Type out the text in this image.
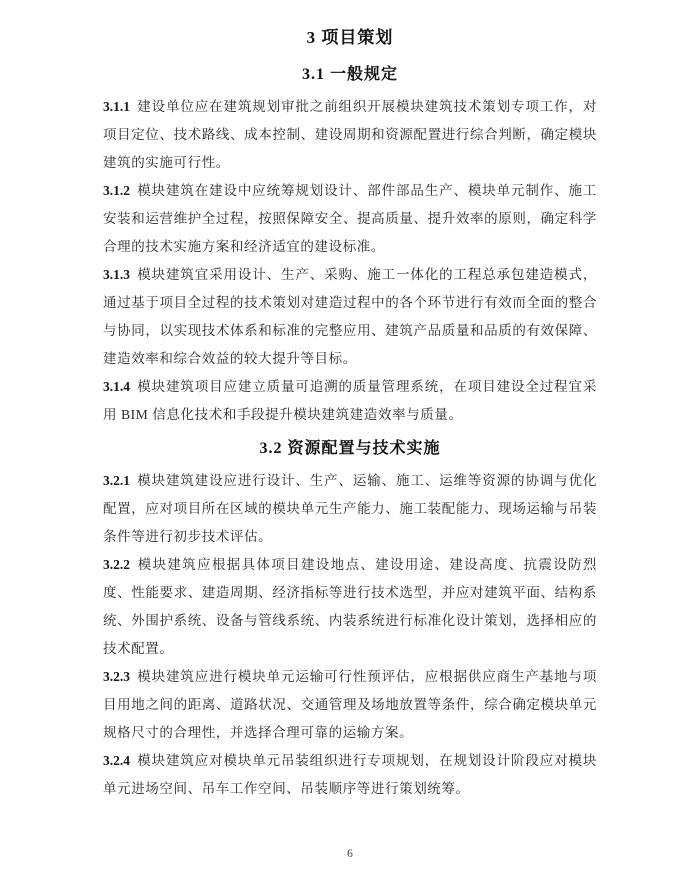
3 项目策划
3.1 一般规定

3.1.1 建设单位应在建筑规划审批之前组织开展模块建筑技术策划专项工作，对项目定位、技术路线、成本控制、建设周期和资源配置进行综合判断，确定模块建筑的实施可行性。

3.1.2 模块建筑在建设中应统筹规划设计、部件部品生产、模块单元制作、施工安装和运营维护全过程，按照保障安全、提高质量、提升效率的原则，确定科学合理的技术实施方案和经济适宜的建设标准。

3.1.3 模块建筑宜采用设计、生产、采购、施工一体化的工程总承包建造模式，通过基于项目全过程的技术策划对建造过程中的各个环节进行有效而全面的整合与协同，以实现技术体系和标准的完整应用、建筑产品质量和品质的有效保障、建造效率和综合效益的较大提升等目标。

3.1.4 模块建筑项目应建立质量可追溯的质量管理系统，在项目建设全过程宜采用 BIM 信息化技术和手段提升模块建筑建造效率与质量。

3.2 资源配置与技术实施

3.2.1 模块建筑建设应进行设计、生产、运输、施工、运维等资源的协调与优化配置，应对项目所在区域的模块单元生产能力、施工装配能力、现场运输与吊装条件等进行初步技术评估。

3.2.2 模块建筑应根据具体项目建设地点、建设用途、建设高度、抗震设防烈度、性能要求、建造周期、经济指标等进行技术选型，并应对建筑平面、结构系统、外围护系统、设备与管线系统、内装系统进行标准化设计策划，选择相应的技术配置。

3.2.3 模块建筑应进行模块单元运输可行性预评估，应根据供应商生产基地与项目用地之间的距离、道路状况、交通管理及场地放置等条件，综合确定模块单元规格尺寸的合理性，并选择合理可靠的运输方案。

3.2.4 模块建筑应对模块单元吊装组织进行专项规划，在规划设计阶段应对模块单元进场空间、吊车工作空间、吊装顺序等进行策划统筹。

6
